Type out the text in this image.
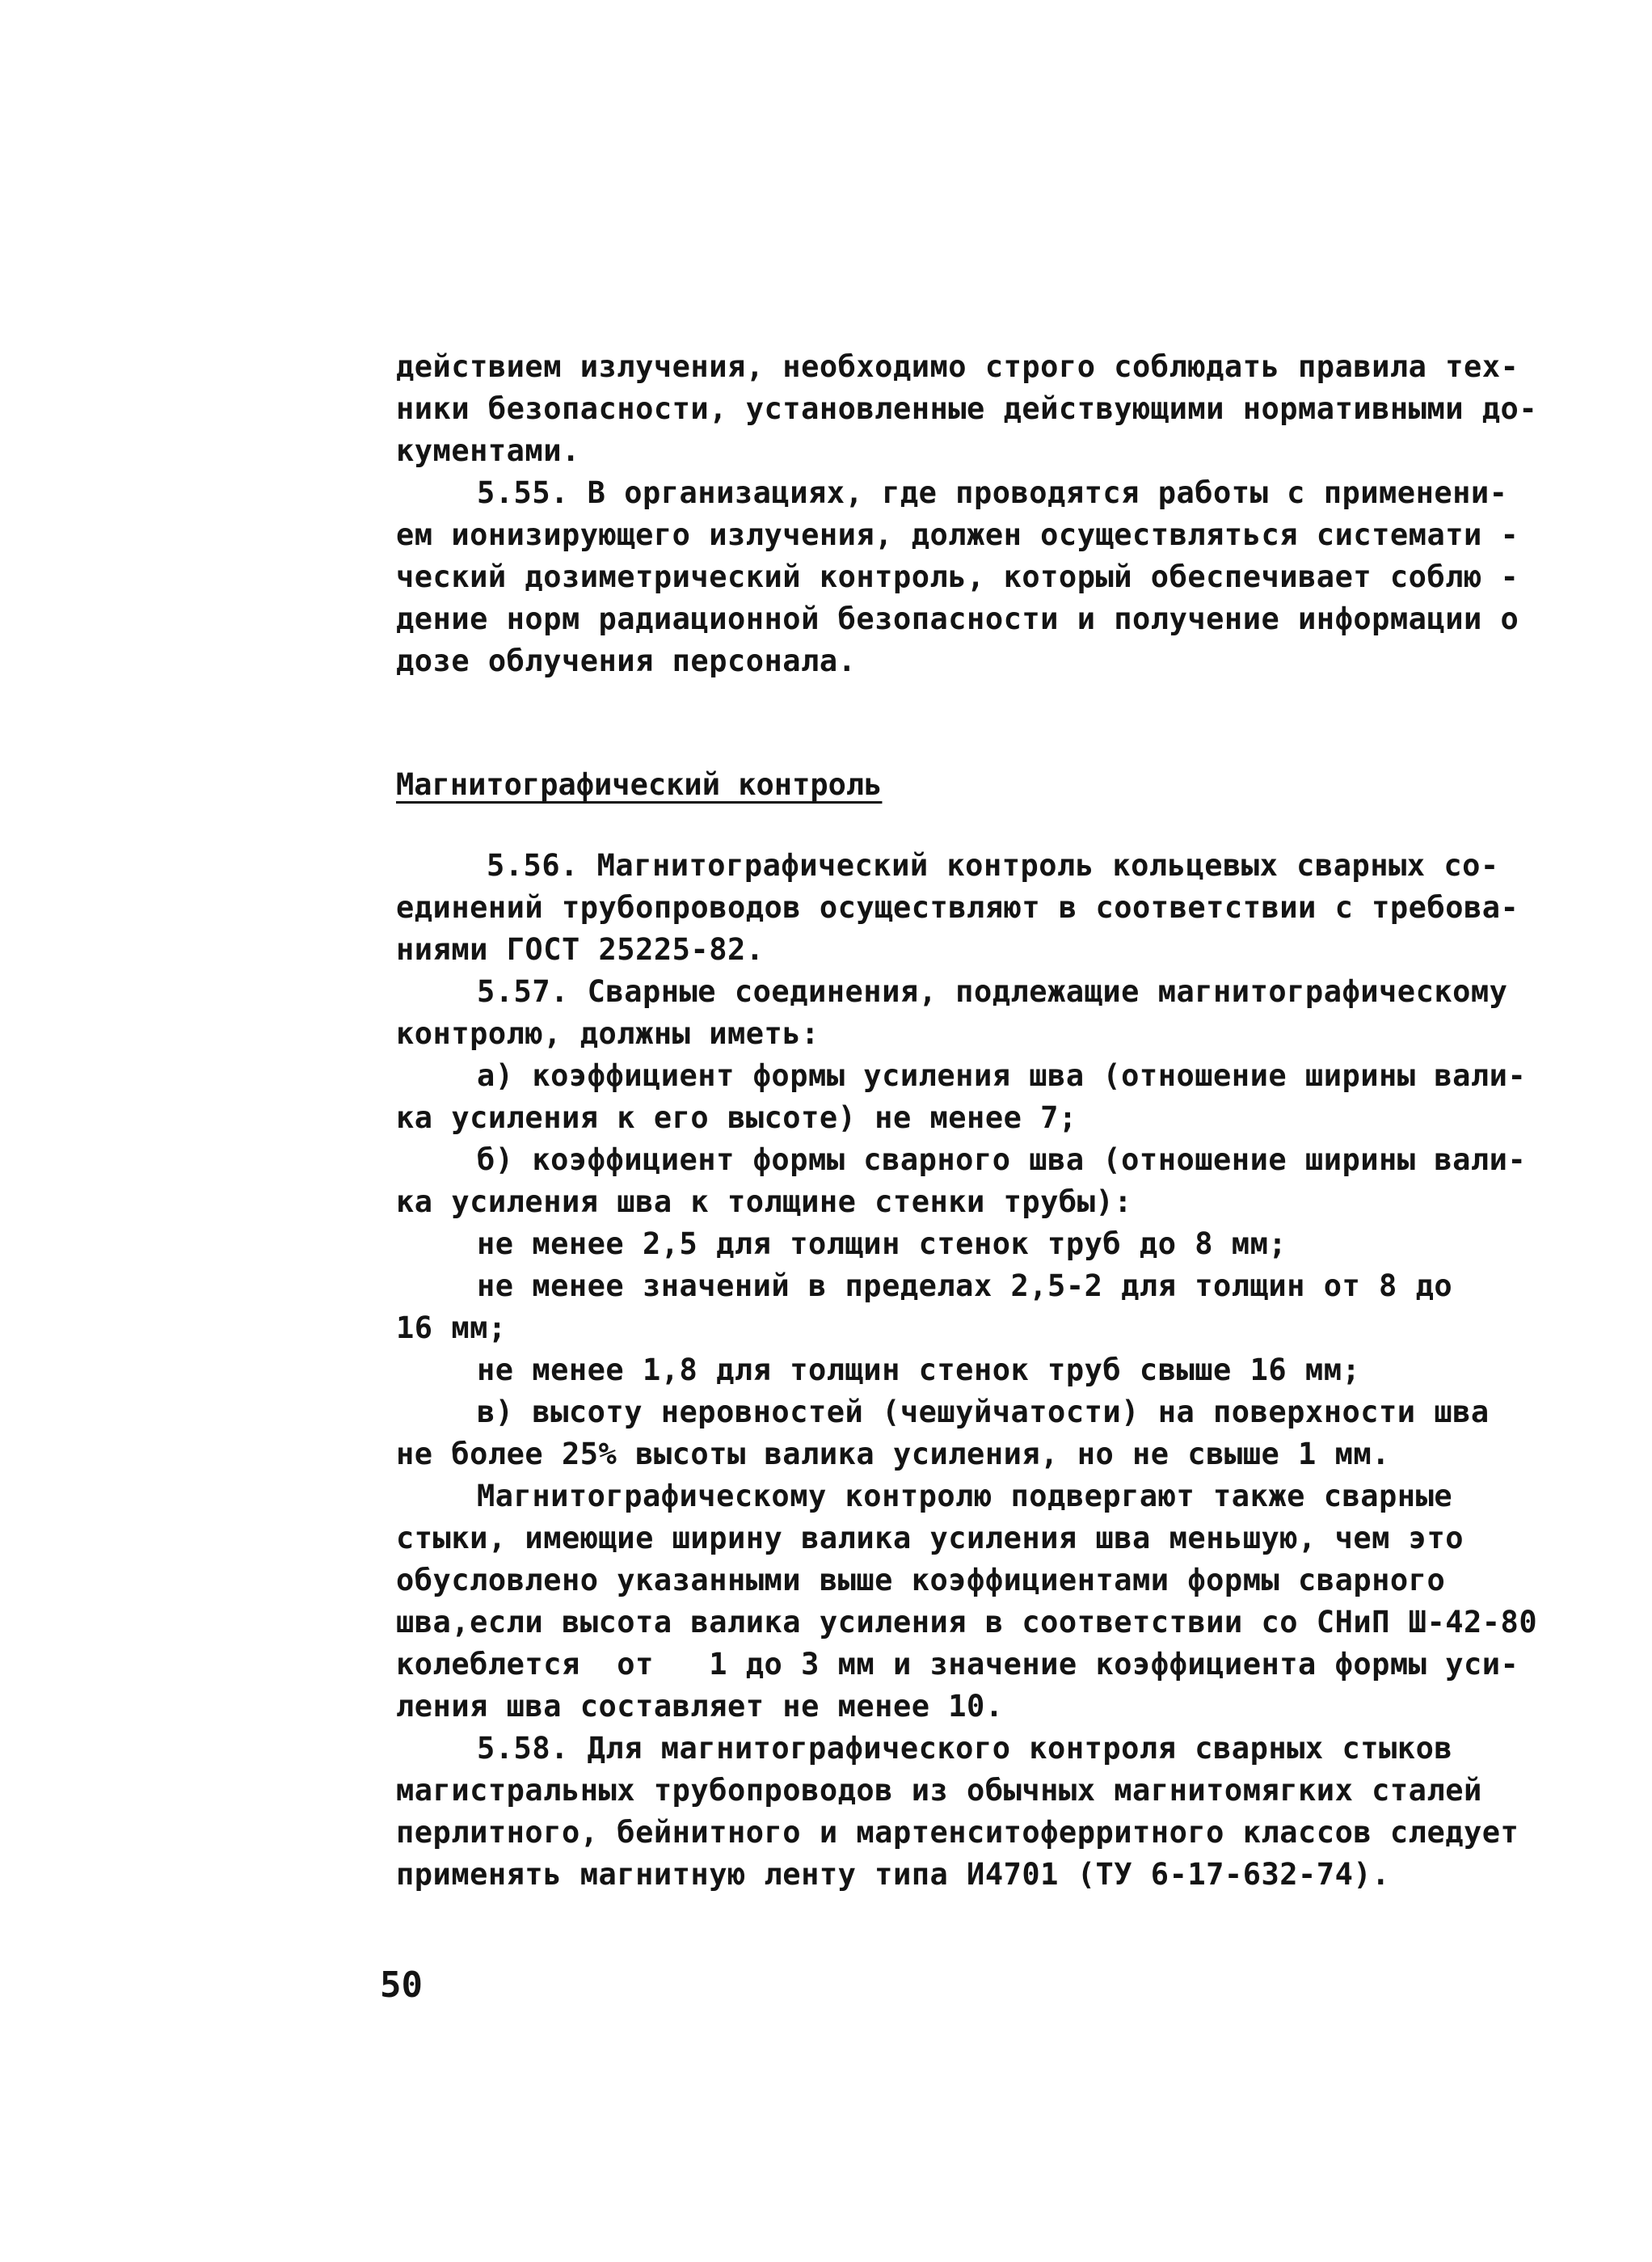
действием излучения, необходимо строго соблюдать правила тех-
ники безопасности, установленные действующими нормативными до-
кументами.
5.55. В организациях, где проводятся работы с применени-
ем ионизирующего излучения, должен осуществляться системати -
ческий дозиметрический контроль, который обеспечивает соблю -
дение норм радиационной безопасности и получение информации о
дозе облучения персонала.
Магнитографический контроль
5.56. Магнитографический контроль кольцевых сварных со-
единений трубопроводов осуществляют в соответствии с требова-
ниями ГОСТ 25225-82.
5.57. Сварные соединения, подлежащие магнитографическому
контролю, должны иметь:
а) коэффициент формы усиления шва (отношение ширины вали-
ка усиления к его высоте) не менее 7;
б) коэффициент формы сварного шва (отношение ширины вали-
ка усиления шва к толщине стенки трубы):
не менее 2,5 для толщин стенок труб до 8 мм;
не менее значений в пределах 2,5-2 для толщин от 8 до
16 мм;
не менее 1,8 для толщин стенок труб свыше 16 мм;
в) высоту неровностей (чешуйчатости) на поверхности шва
не более 25% высоты валика усиления, но не свыше 1 мм.
Магнитографическому контролю подвергают также сварные
стыки, имеющие ширину валика усиления шва меньшую, чем это
обусловлено указанными выше коэффициентами формы сварного
шва,если высота валика усиления в соответствии со СНиП Ш-42-80
колеблется  от   1 до 3 мм и значение коэффициента формы уси-
ления шва составляет не менее 10.
5.58. Для магнитографического контроля сварных стыков
магистральных трубопроводов из обычных магнитомягких сталей
перлитного, бейнитного и мартенситоферритного классов следует
применять магнитную ленту типа И4701 (ТУ 6-17-632-74).
50
